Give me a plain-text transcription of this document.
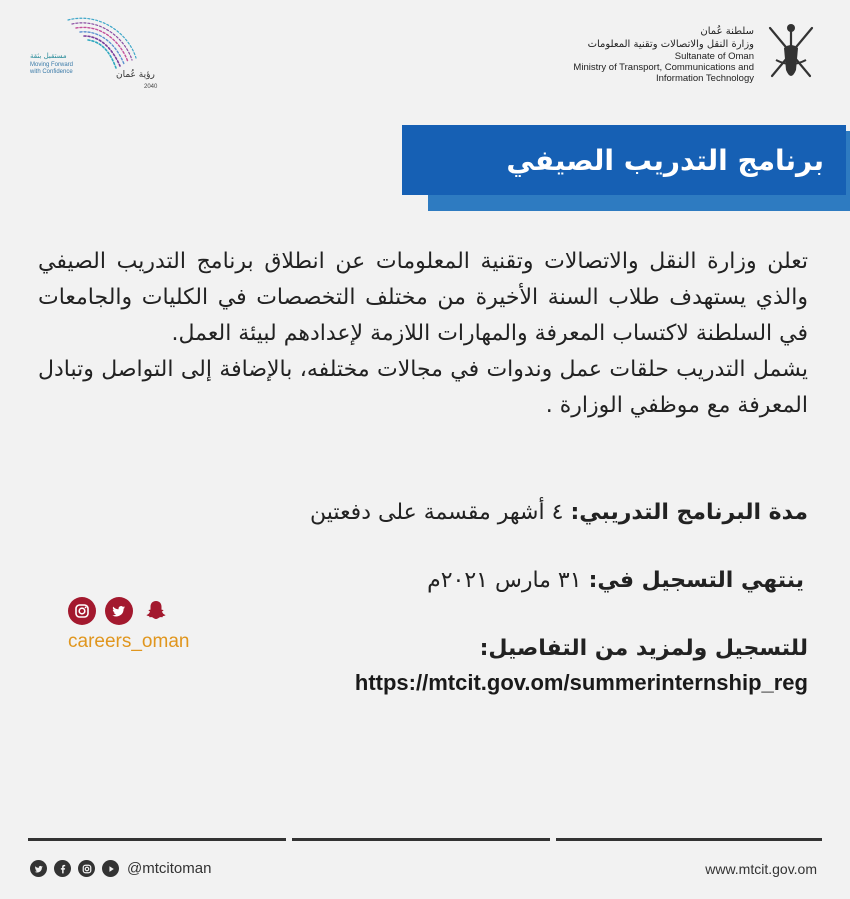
مستقبل بثقة
Moving Forward
with Confidence	رؤية عُمان
2040
سلطنة عُمان
وزارة النقل والاتصالات وتقنية المعلومات
Sultanate of Oman
Ministry of Transport, Communications and
Information Technology
برنامج التدريب الصيفي

تعلن وزارة النقل والاتصالات وتقنية المعلومات عن انطلاق برنامج التدريب الصيفي والذي يستهدف طلاب السنة الأخيرة من مختلف التخصصات في الكليات والجامعات في السلطنة لاكتساب المعرفة والمهارات اللازمة لإعدادهم لبيئة العمل.

يشمل التدريب حلقات عمل وندوات في مجالات مختلفه، بالإضافة إلى التواصل وتبادل المعرفة مع موظفي الوزارة .

مدة البرنامج التدريبي: ٤ أشهر مقسمة على دفعتين
ينتهي التسجيل في: ٣١ مارس ٢٠٢١م
للتسجيل ولمزيد من التفاصيل:
https://mtcit.gov.om/summerinternship_reg
careers_oman
@mtcitoman	www.mtcit.gov.om
